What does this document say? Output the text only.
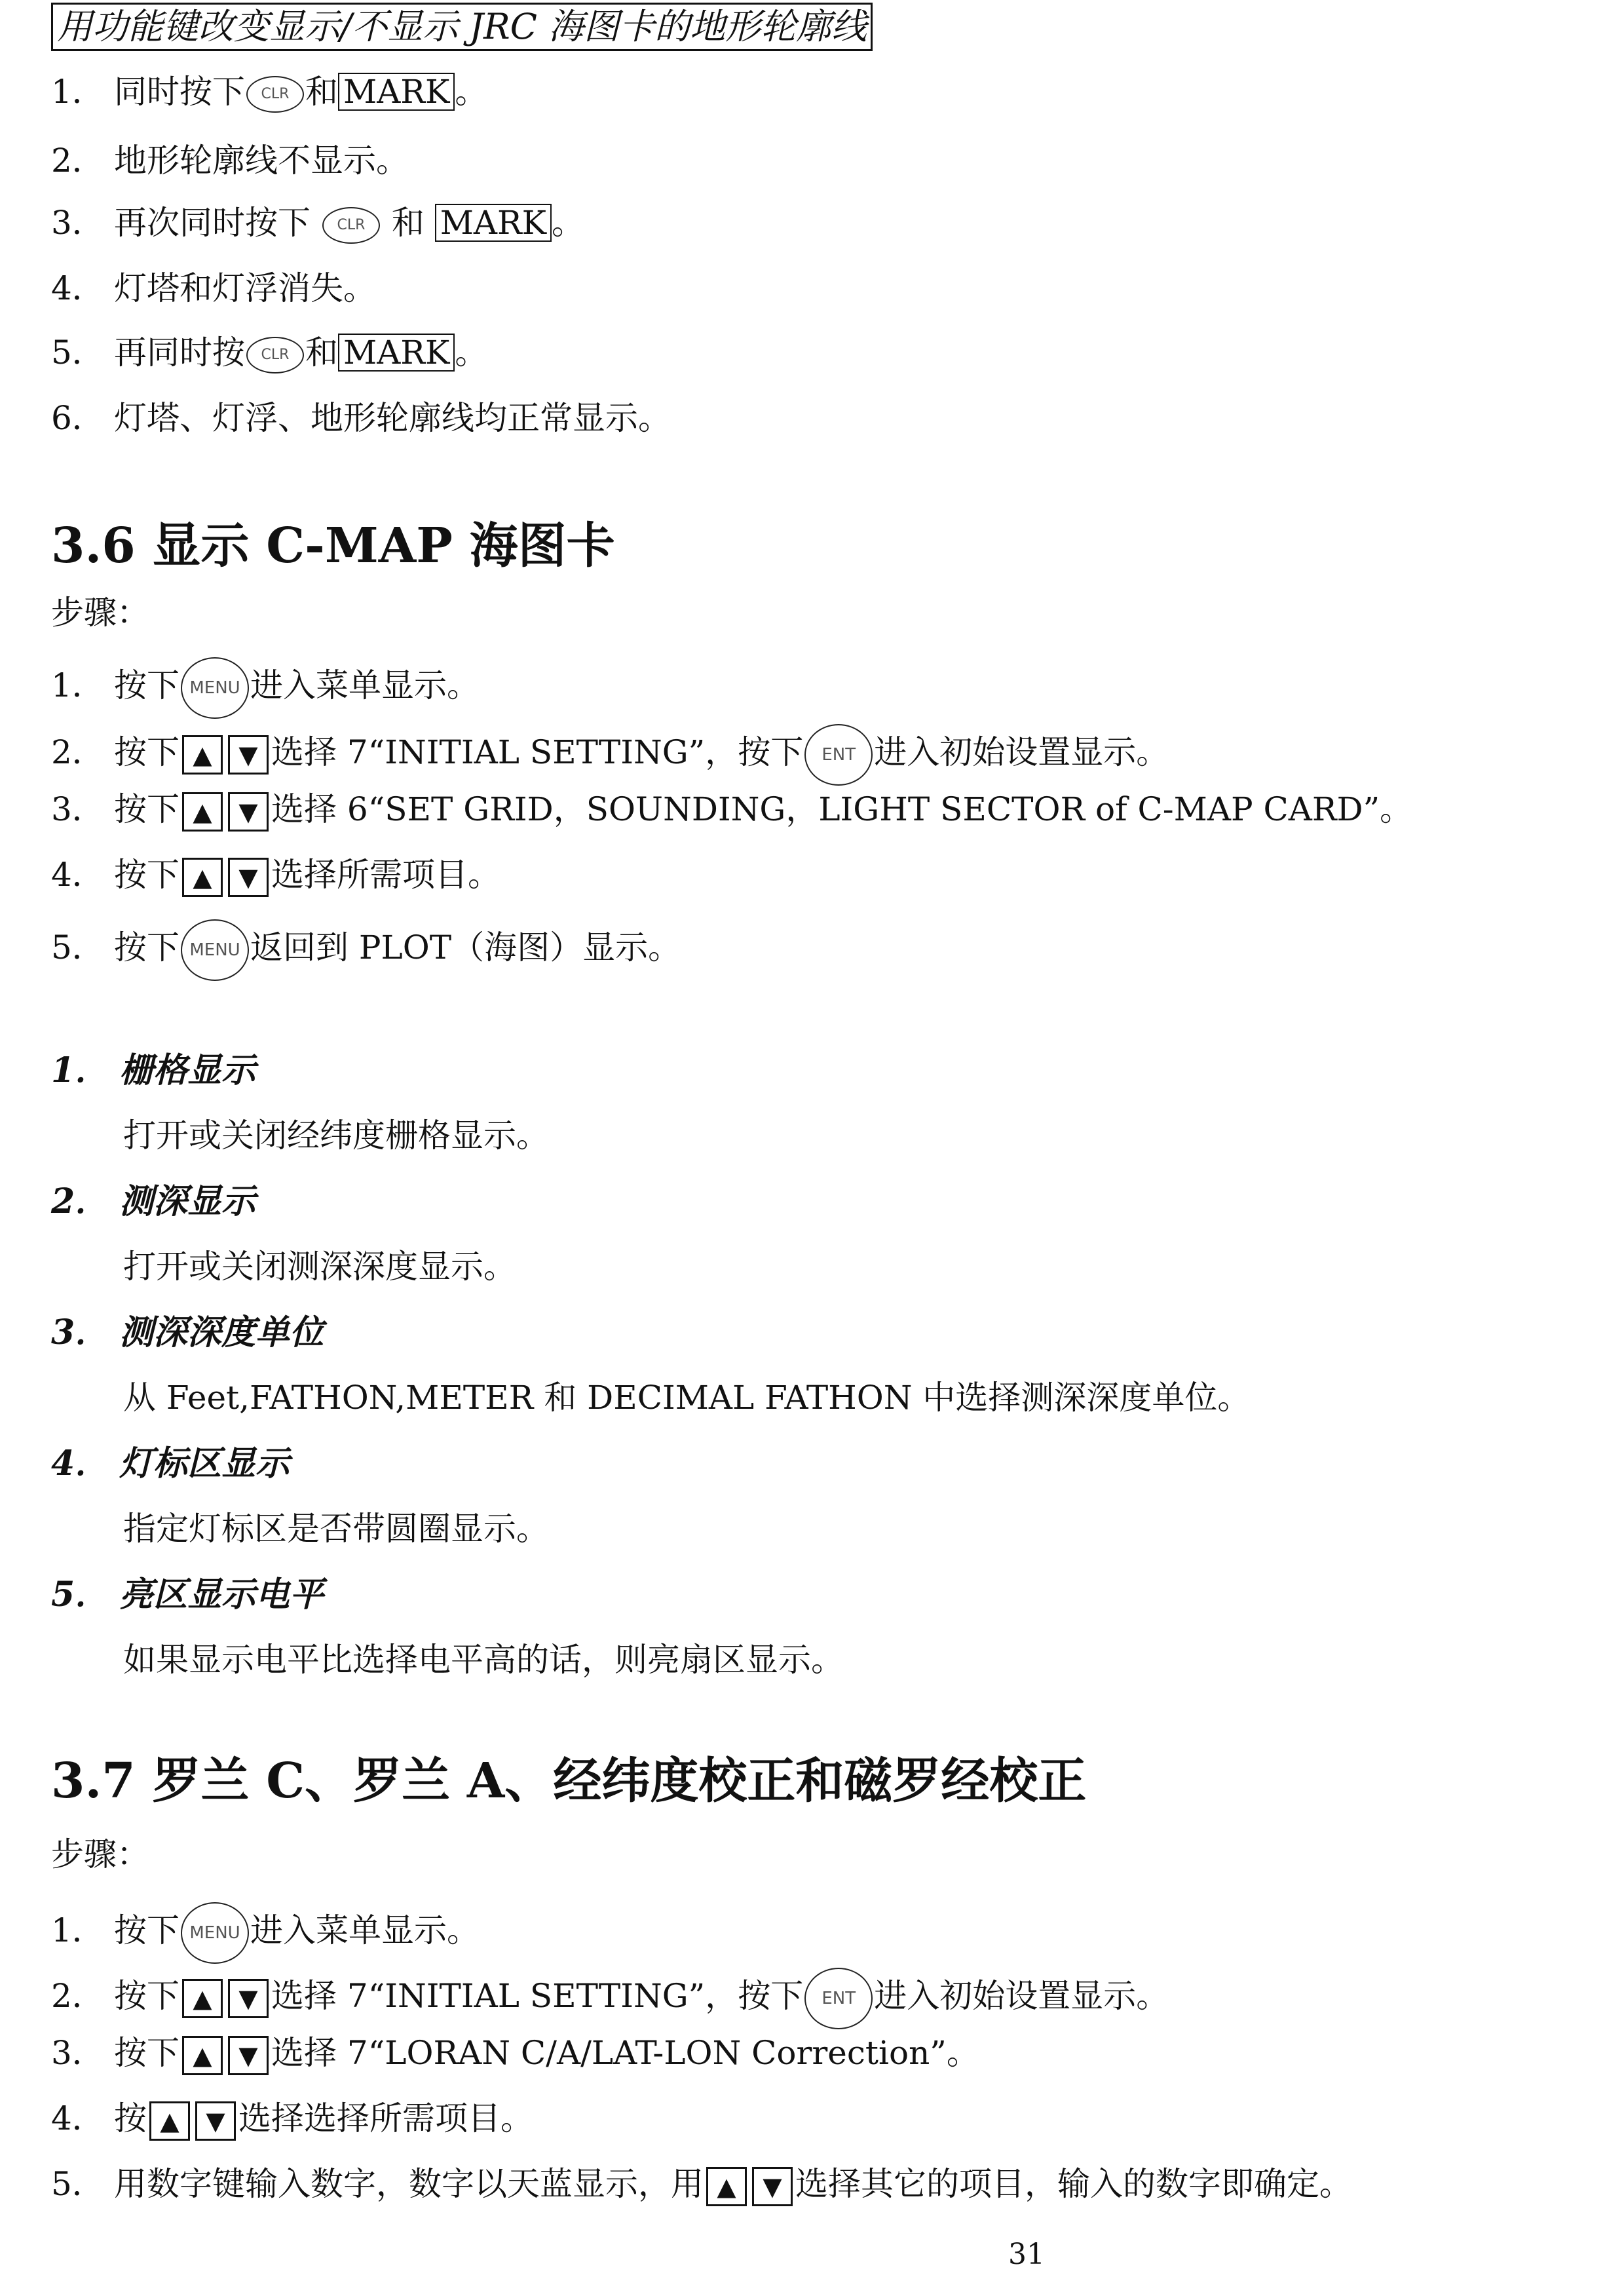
用功能键改变显示/不显示 JRC 海图卡的地形轮廓线
1． 同时按下 CLR 和 MARK 。
2． 地形轮廓线不显示。
3． 再次同时按下 CLR 和 MARK 。
4． 灯塔和灯浮消失。
5． 再同时按 CLR 和 MARK 。
6． 灯塔、灯浮、地形轮廓线均正常显示。
3.6 显示 C-MAP 海图卡
步骤：
1． 按下 MENU 进入菜单显示。
2． 按下 ▲ ▼ 选择 7“INITIAL SETTING”，按下 ENT 进入初始设置显示。
3． 按下 ▲ ▼ 选择 6“SET GRID，SOUNDING，LIGHT SECTOR of C-MAP CARD”。
4． 按下 ▲ ▼ 选择所需项目。
5． 按下 MENU 返回到 PLOT（海图）显示。
1． 栅格显示
打开或关闭经纬度栅格显示。
2． 测深显示
打开或关闭测深深度显示。
3． 测深深度单位
从 Feet,FATHON,METER 和 DECIMAL FATHON 中选择测深深度单位。
4． 灯标区显示
指定灯标区是否带圆圈显示。
5． 亮区显示电平
如果显示电平比选择电平高的话，则亮扇区显示。
3.7 罗兰 C、罗兰 A、经纬度校正和磁罗经校正
步骤：
1． 按下 MENU 进入菜单显示。
2． 按下 ▲ ▼ 选择 7“INITIAL SETTING”，按下 ENT 进入初始设置显示。
3． 按下 ▲ ▼ 选择 7“LORAN C/A/LAT-LON Correction”。
4． 按 ▲ ▼ 选择选择所需项目。
5． 用数字键输入数字，数字以天蓝显示，用 ▲ ▼ 选择其它的项目，输入的数字即确定。
31
